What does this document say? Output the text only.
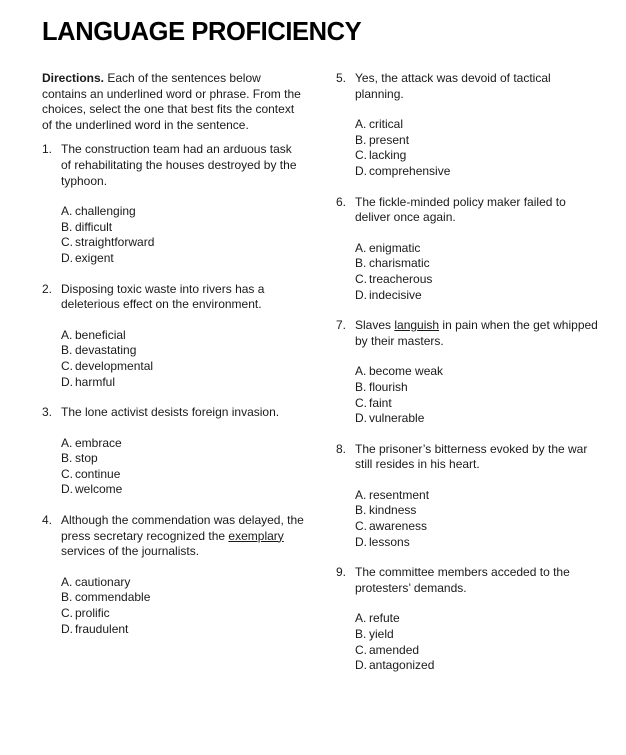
LANGUAGE PROFICIENCY

Directions. Each of the sentences below contains an underlined word or phrase. From the choices, select the one that best fits the context of the underlined word in the sentence.

1. The construction team had an arduous task of rehabilitating the houses destroyed by the typhoon.

A. challenging
B. difficult
C. straightforward
D. exigent

2. Disposing toxic waste into rivers has a deleterious effect on the environment.

A. beneficial
B. devastating
C. developmental
D. harmful

3. The lone activist desists foreign invasion.

A. embrace
B. stop
C. continue
D. welcome

4. Although the commendation was delayed, the press secretary recognized the exemplary services of the journalists.

A. cautionary
B. commendable
C. prolific
D. fraudulent

5. Yes, the attack was devoid of tactical planning.

A. critical
B. present
C. lacking
D. comprehensive

6. The fickle-minded policy maker failed to deliver once again.

A. enigmatic
B. charismatic
C. treacherous
D. indecisive

7. Slaves languish in pain when the get whipped by their masters.

A. become weak
B. flourish
C. faint
D. vulnerable

8. The prisoner’s bitterness evoked by the war still resides in his heart.

A. resentment
B. kindness
C. awareness
D. lessons

9. The committee members acceded to the protesters’ demands.

A. refute
B. yield
C. amended
D. antagonized
